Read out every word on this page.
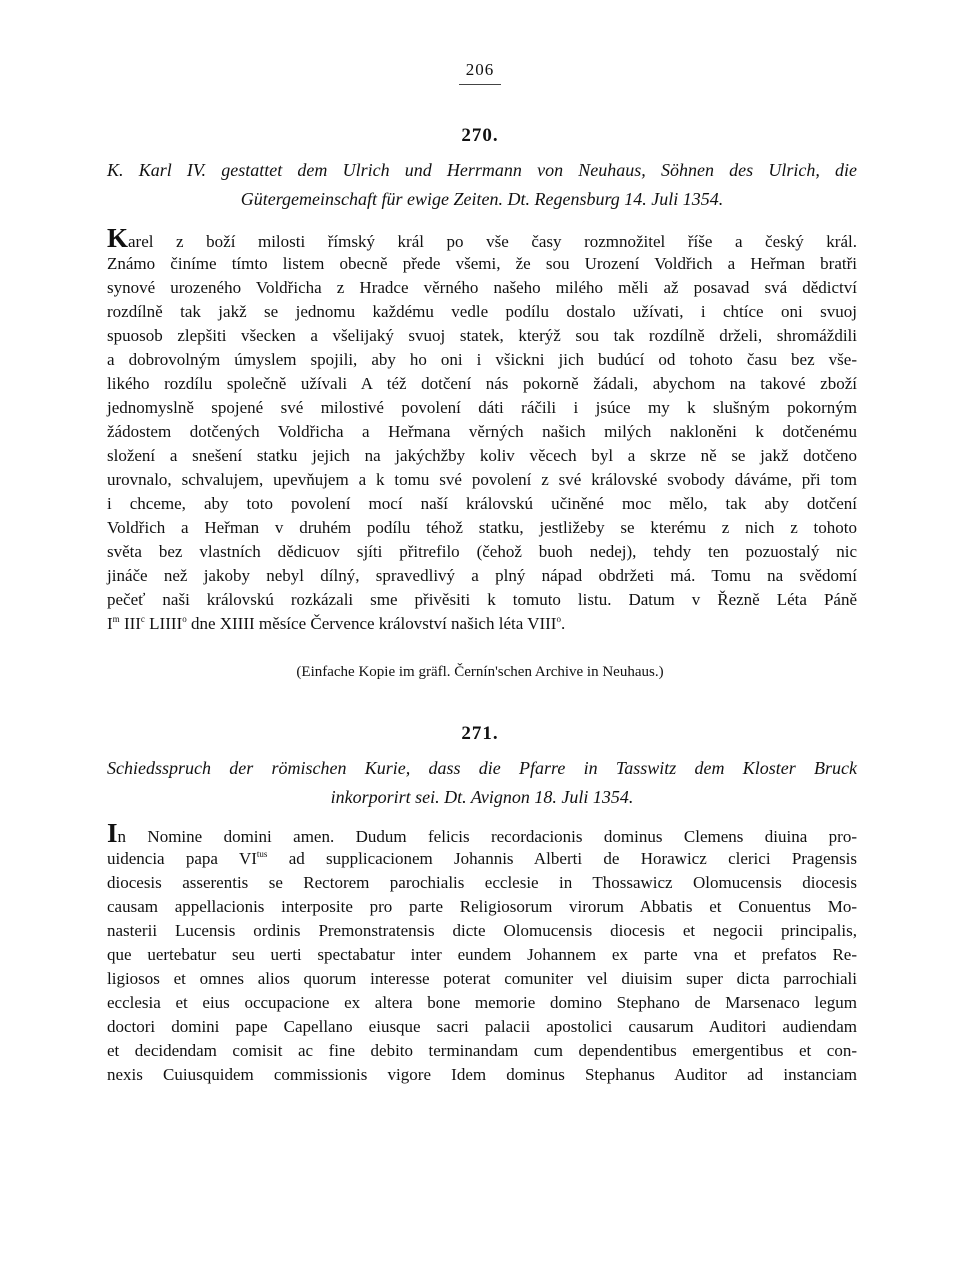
206
270.
K. Karl IV. gestattet dem Ulrich und Herrmann von Neuhaus, Söhnen des Ulrich, die
Gütergemeinschaft für ewige Zeiten. Dt. Regensburg 14. Juli 1354.
Karel z boží milosti římský král po vše časy rozmnožitel říše a český král.
Známo činíme tímto listem obecně přede všemi, že sou Urození Voldřich a Heřman bratři
synové urozeného Voldřicha z Hradce věrného našeho milého měli až posavad svá dědictví
rozdílně tak jakž se jednomu každému vedle podílu dostalo užívati, i chtíce oni svuoj
spuosob zlepšiti všecken a všelijaký svuoj statek, kterýž sou tak rozdílně drželi, shromáždili
a dobrovolným úmyslem spojili, aby ho oni i všickni jich budúcí od tohoto času bez vše-
likého rozdílu společně užívali A též dotčení nás pokorně žádali, abychom na takové zboží
jednomyslně spojené své milostivé povolení dáti ráčili i jsúce my k slušným pokorným
žádostem dotčených Voldřicha a Heřmana věrných našich milých nakloněni k dotčenému
složení a snešení statku jejich na jakýchžby koliv věcech byl a skrze ně se jakž dotčeno
urovnalo, schvalujem, upevňujem a k tomu své povolení z své královské svobody dáváme, při tom
i chceme, aby toto povolení mocí naší královskú učiněné moc mělo, tak aby dotčení
Voldřich a Heřman v druhém podílu téhož statku, jestližeby se kterému z nich z tohoto
světa bez vlastních dědicuov sjíti přitrefilo (čehož buoh nedej), tehdy ten pozuostalý nic
jináče než jakoby nebyl dílný, spravedlivý a plný nápad obdržeti má. Tomu na svědomí
pečeť naši královskú rozkázali sme přivěsiti k tomuto listu. Datum v Řezně Léta Páně
$I^m$ III$^c$ LIIII$^o$ dne XIIII měsíce Července království našich léta VIII$^o$.
(Einfache Kopie im gräfl. Černín'schen Archive in Neuhaus.)
271.
Schiedsspruch der römischen Kurie, dass die Pfarre in Tasswitz dem Kloster Bruck
inkorporirt sei. Dt. Avignon 18. Juli 1354.
In Nomine domini amen. Dudum felicis recordacionis dominus Clemens diuina pro-
uidencia papa $VI^{tus}$ ad supplicacionem Johannis Alberti de Horawicz clerici Pragensis
diocesis asserentis se Rectorem parochialis ecclesie in Thossawicz Olomucensis diocesis
causam appellacionis interposite pro parte Religiosorum virorum Abbatis et Conuentus Mo-
nasterii Lucensis ordinis Premonstratensis dicte Olomucensis diocesis et negocii principalis,
que uertebatur seu uerti spectabatur inter eundem Johannem ex parte vna et prefatos Re-
ligiosos et omnes alios quorum interesse poterat comuniter vel diuisim super dicta parrochiali
ecclesia et eius occupacione ex altera bone memorie domino Stephano de Marsenaco legum
doctori domini pape Capellano eiusque sacri palacii apostolici causarum Auditori audiendam
et decidendam comisit ac fine debito terminandam cum dependentibus emergentibus et con-
nexis Cuiusquidem commissionis vigore Idem dominus Stephanus Auditor ad instanciam
